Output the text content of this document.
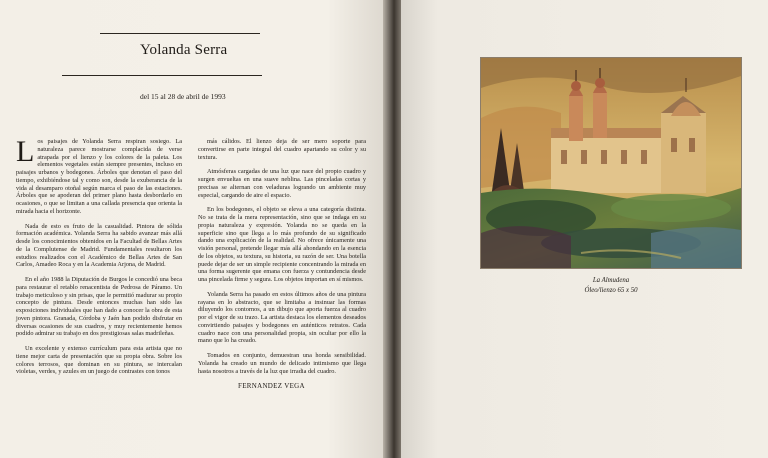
Yolanda Serra
del 15 al 28 de abril de 1993

Los paisajes de Yolanda Serra respiran sosiego. La naturaleza parece mostrarse complacida de verse atrapada por el lienzo y los colores de la paleta. Los elementos vegetales están siempre presentes, incluso en paisajes urbanos y bodegones. Árboles que denotan el paso del tiempo, exhibiéndose tal y como son, desde la exuberancia de la vida al desamparo otoñal según marca el paso de las estaciones. Árboles que se apoderan del primer plano hasta desbordarlo en ocasiones, o que se limitan a una callada presencia que orienta la mirada hacia el horizonte.

Nada de esto es fruto de la casualidad. Pintora de sólida formación académica. Yolanda Serra ha sabido avanzar más allá desde los conocimientos obtenidos en la Facultad de Bellas Artes de la Complutense de Madrid. Fundamentales resultaron los estudios realizados con el Académico de Bellas Artes de San Carlos, Amadeo Roca y en la Academia Arjona, de Madrid.

En el año 1988 la Diputación de Burgos le concedió una beca para restaurar el retablo renacentista de Pedrosa de Páramo. Un trabajo meticuloso y sin prisas, que le permitió madurar su propio concepto de pintura. Desde entonces muchas han sido las exposiciones individuales que han dado a conocer la obra de esta joven pintora. Granada, Córdoba y Jaén han podido disfrutar en diversas ocasiones de sus cuadros, y muy recientemente hemos podido admirar su trabajo en dos prestigiosas salas madrileñas.

Un excelente y extenso currículum para esta artista que no tiene mejor carta de presentación que su propia obra. Sobre los colores terrosos, que dominan en su pintura, se intercalan violetas, verdes, y azules en un juego de contrastes con tonos

más cálidos. El lienzo deja de ser mero soporte para convertirse en parte integral del cuadro apartando su color y su textura.

Atmósferas cargadas de una luz que nace del propio cuadro y surgen envueltas en una suave neblina. Las pinceladas cortas y precisas se alternan con veladuras logrando un ambiente muy especial, cargando de aire el espacio.

En los bodegones, el objeto se eleva a una categoría distinta. No se trata de la mera representación, sino que se indaga en su propia naturaleza y expresión. Yolanda no se queda en la superficie sino que llega a lo más profundo de su significado dando una explicación de la realidad. No ofrece únicamente una visión personal, pretende llegar más allá ahondando en la esencia de los objetos, su textura, su historia, su razón de ser. Una botella puede dejar de ser un simple recipiente concentrando la mirada en una forma sugerente que emana con fuerza y contundencia desde una pincelada firme y segura. Los objetos importan en sí mismos.

Yolanda Serra ha pasado en estos últimos años de una pintura rayana en lo abstracto, que se limitaba a insinuar las formas diluyendo los contornos, a un dibujo que aporta fuerza al cuadro por el vigor de su trazo. La artista destaca los elementos deseados convirtiendo paisajes y bodegones en auténticos retratos. Cada cuadro nace con una personalidad propia, sin ocultar por ello la mano que lo ha creado.

Tomados en conjunto, demuestran una honda sensibilidad. Yolanda ha creado un mundo de delicado intimismo que llega hasta nosotros a través de la luz que irradia del cuadro.

FERNANDEZ VEGA

La Almudena
Óleo/lienzo 65 x 50
